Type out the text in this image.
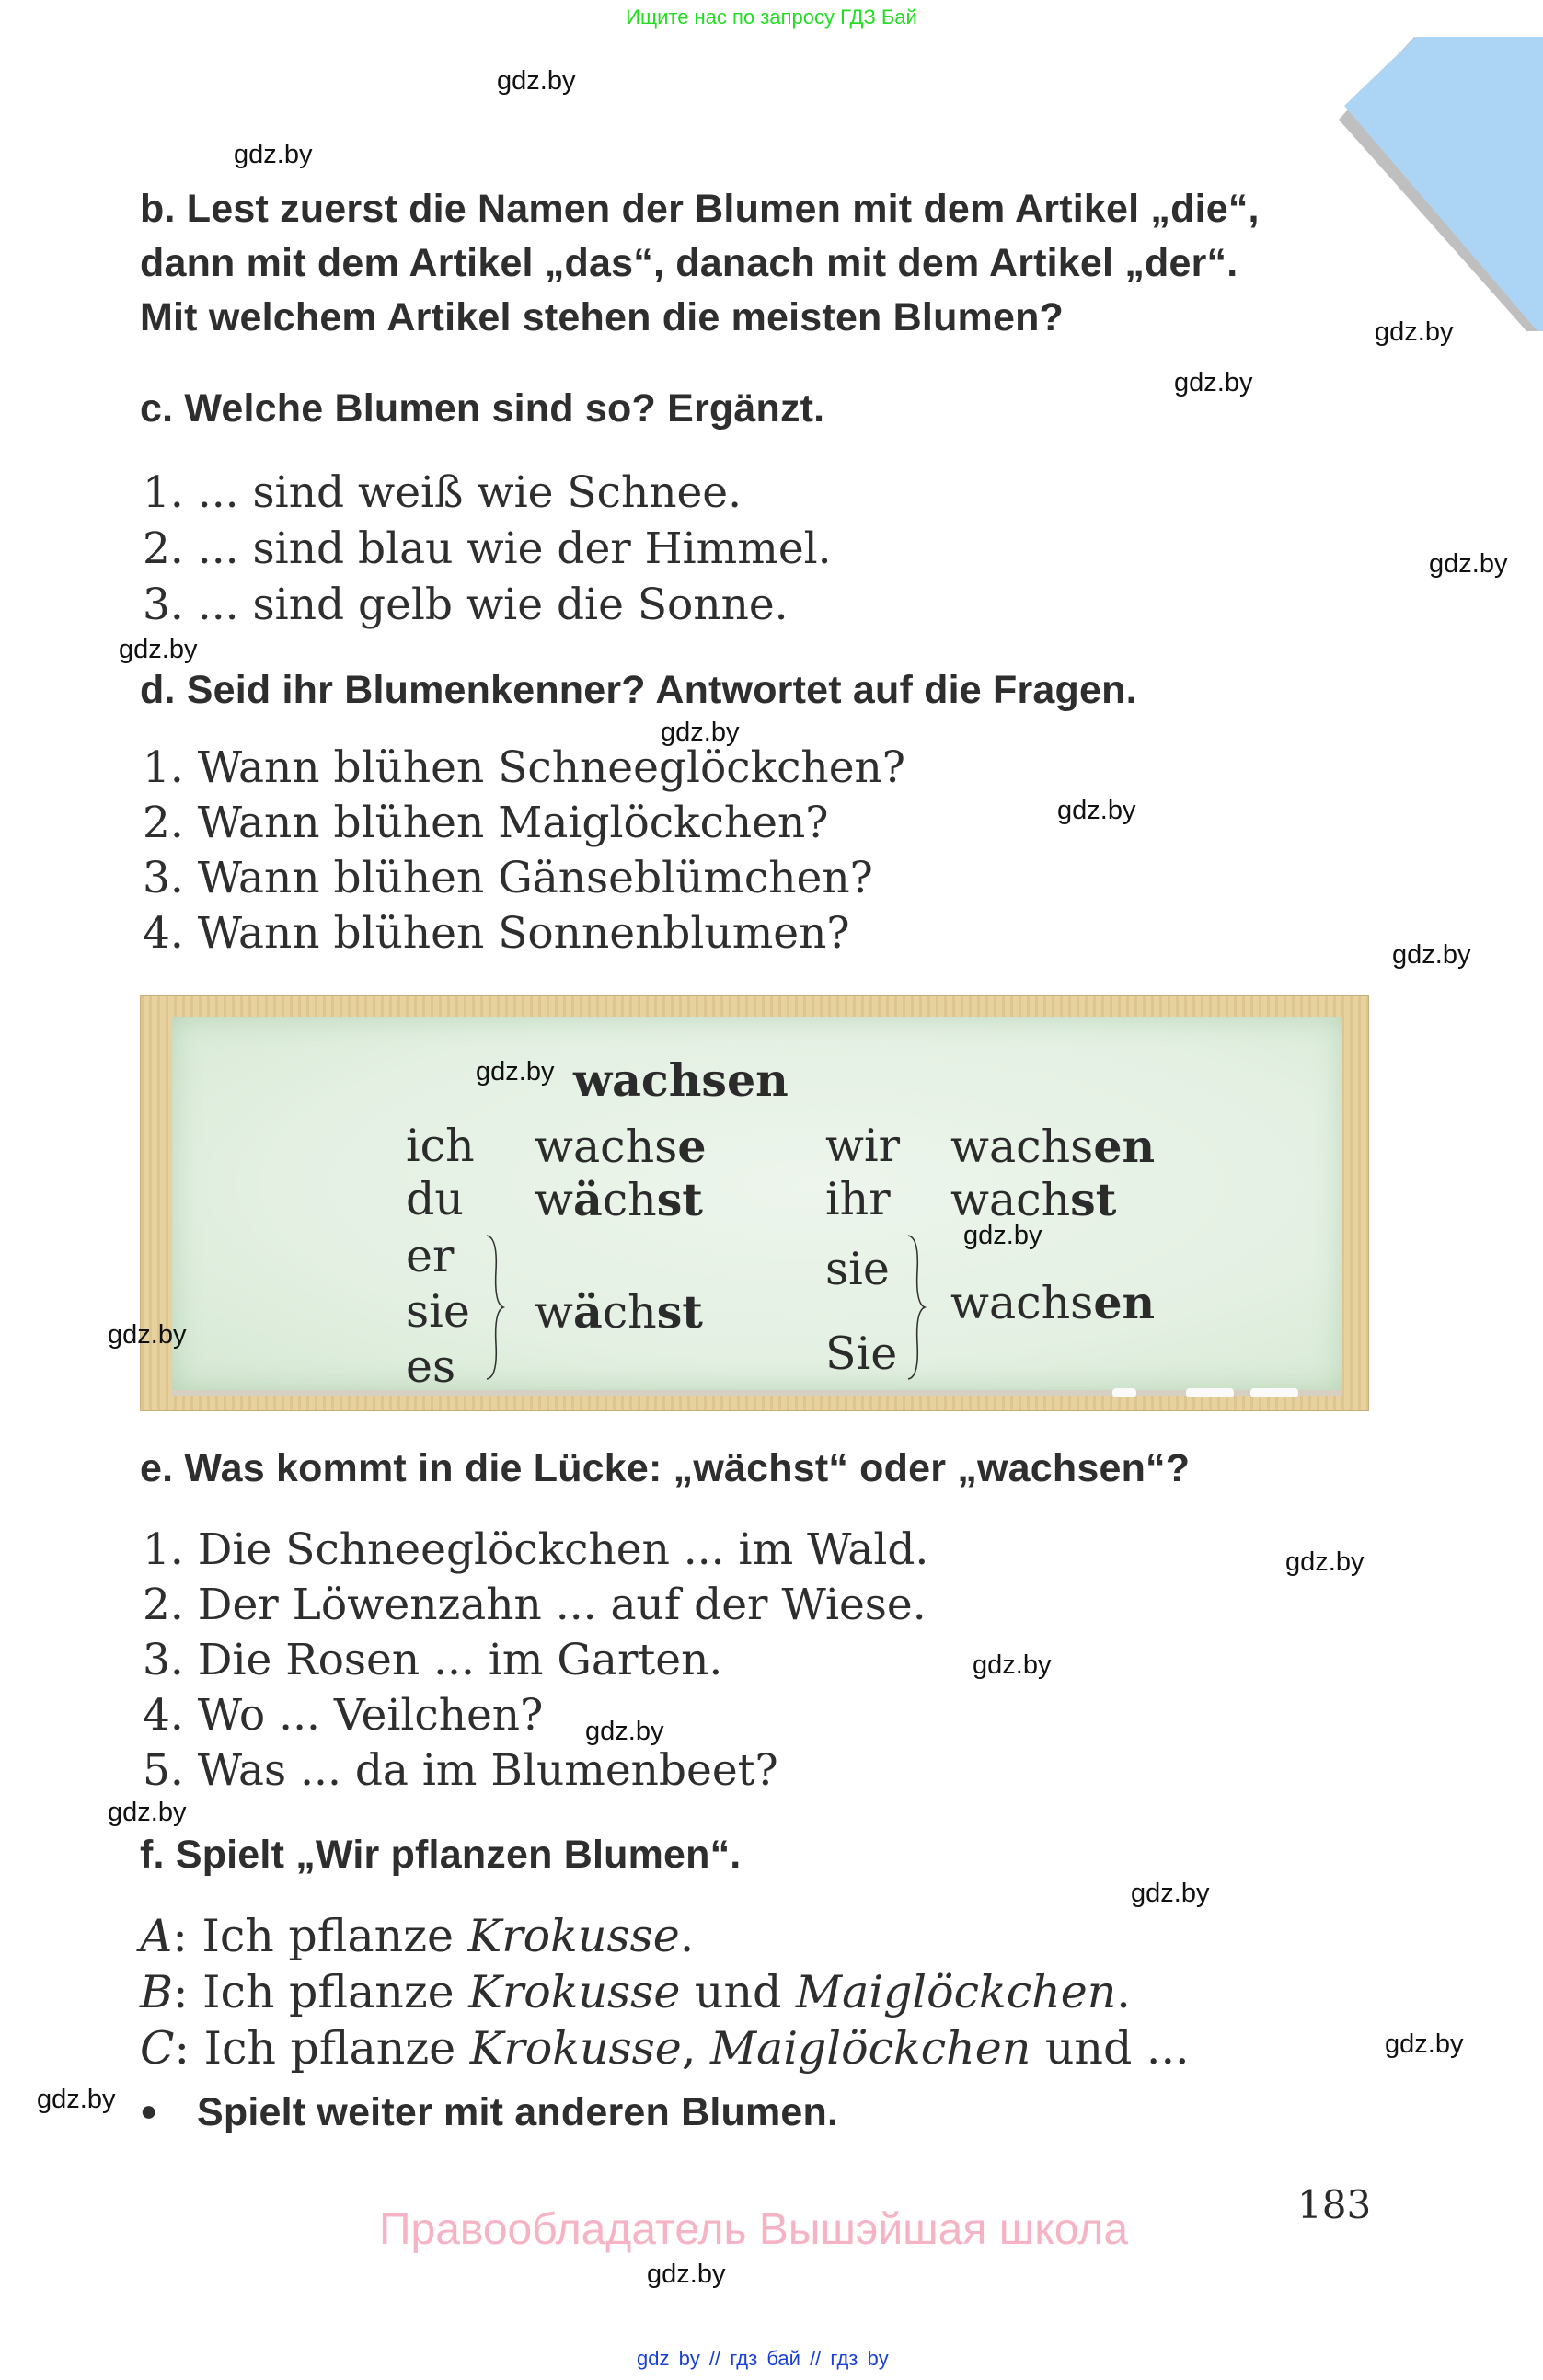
Ищите нас по запросу ГДЗ Бай
gdz.by
gdz.by
gdz.by
gdz.by
gdz.by
gdz.by
gdz.by
gdz.by
gdz.by
gdz.by
gdz.by
gdz.by
gdz.by
gdz.by
gdz.by
gdz.by
gdz.by
b. Lest zuerst die Namen der Blumen mit dem Artikel „die“,
dann mit dem Artikel „das“, danach mit dem Artikel „der“.
Mit welchem Artikel stehen die meisten Blumen?
c. Welche Blumen sind so? Ergänzt.
1. ... sind weiß wie Schnee.
2. ... sind blau wie der Himmel.
3. ... sind gelb wie die Sonne.
d. Seid ihr Blumenkenner? Antwortet auf die Fragen.
1. Wann blühen Schneeglöckchen?
2. Wann blühen Maiglöckchen?
3. Wann blühen Gänseblümchen?
4. Wann blühen Sonnenblumen?
gdz.by wachsen
ich wachse
du wächst
er
sie
es
wächst
wir wachsen
ihr wachst
gdz.by
sie
Sie
wachsen
gdz.by
e. Was kommt in die Lücke: „wächst“ oder „wachsen“?
1. Die Schneeglöckchen ... im Wald.
2. Der Löwenzahn ... auf der Wiese.
3. Die Rosen ... im Garten.
4. Wo ... Veilchen?
5. Was ... da im Blumenbeet?
f. Spielt „Wir pflanzen Blumen“.
A: Ich pflanze Krokusse.
B: Ich pflanze Krokusse und Maiglöckchen.
C: Ich pflanze Krokusse, Maiglöckchen und ...
● Spielt weiter mit anderen Blumen.
183
Правообладатель Вышэйшая школа
gdz by // гдз бай // гдз by
